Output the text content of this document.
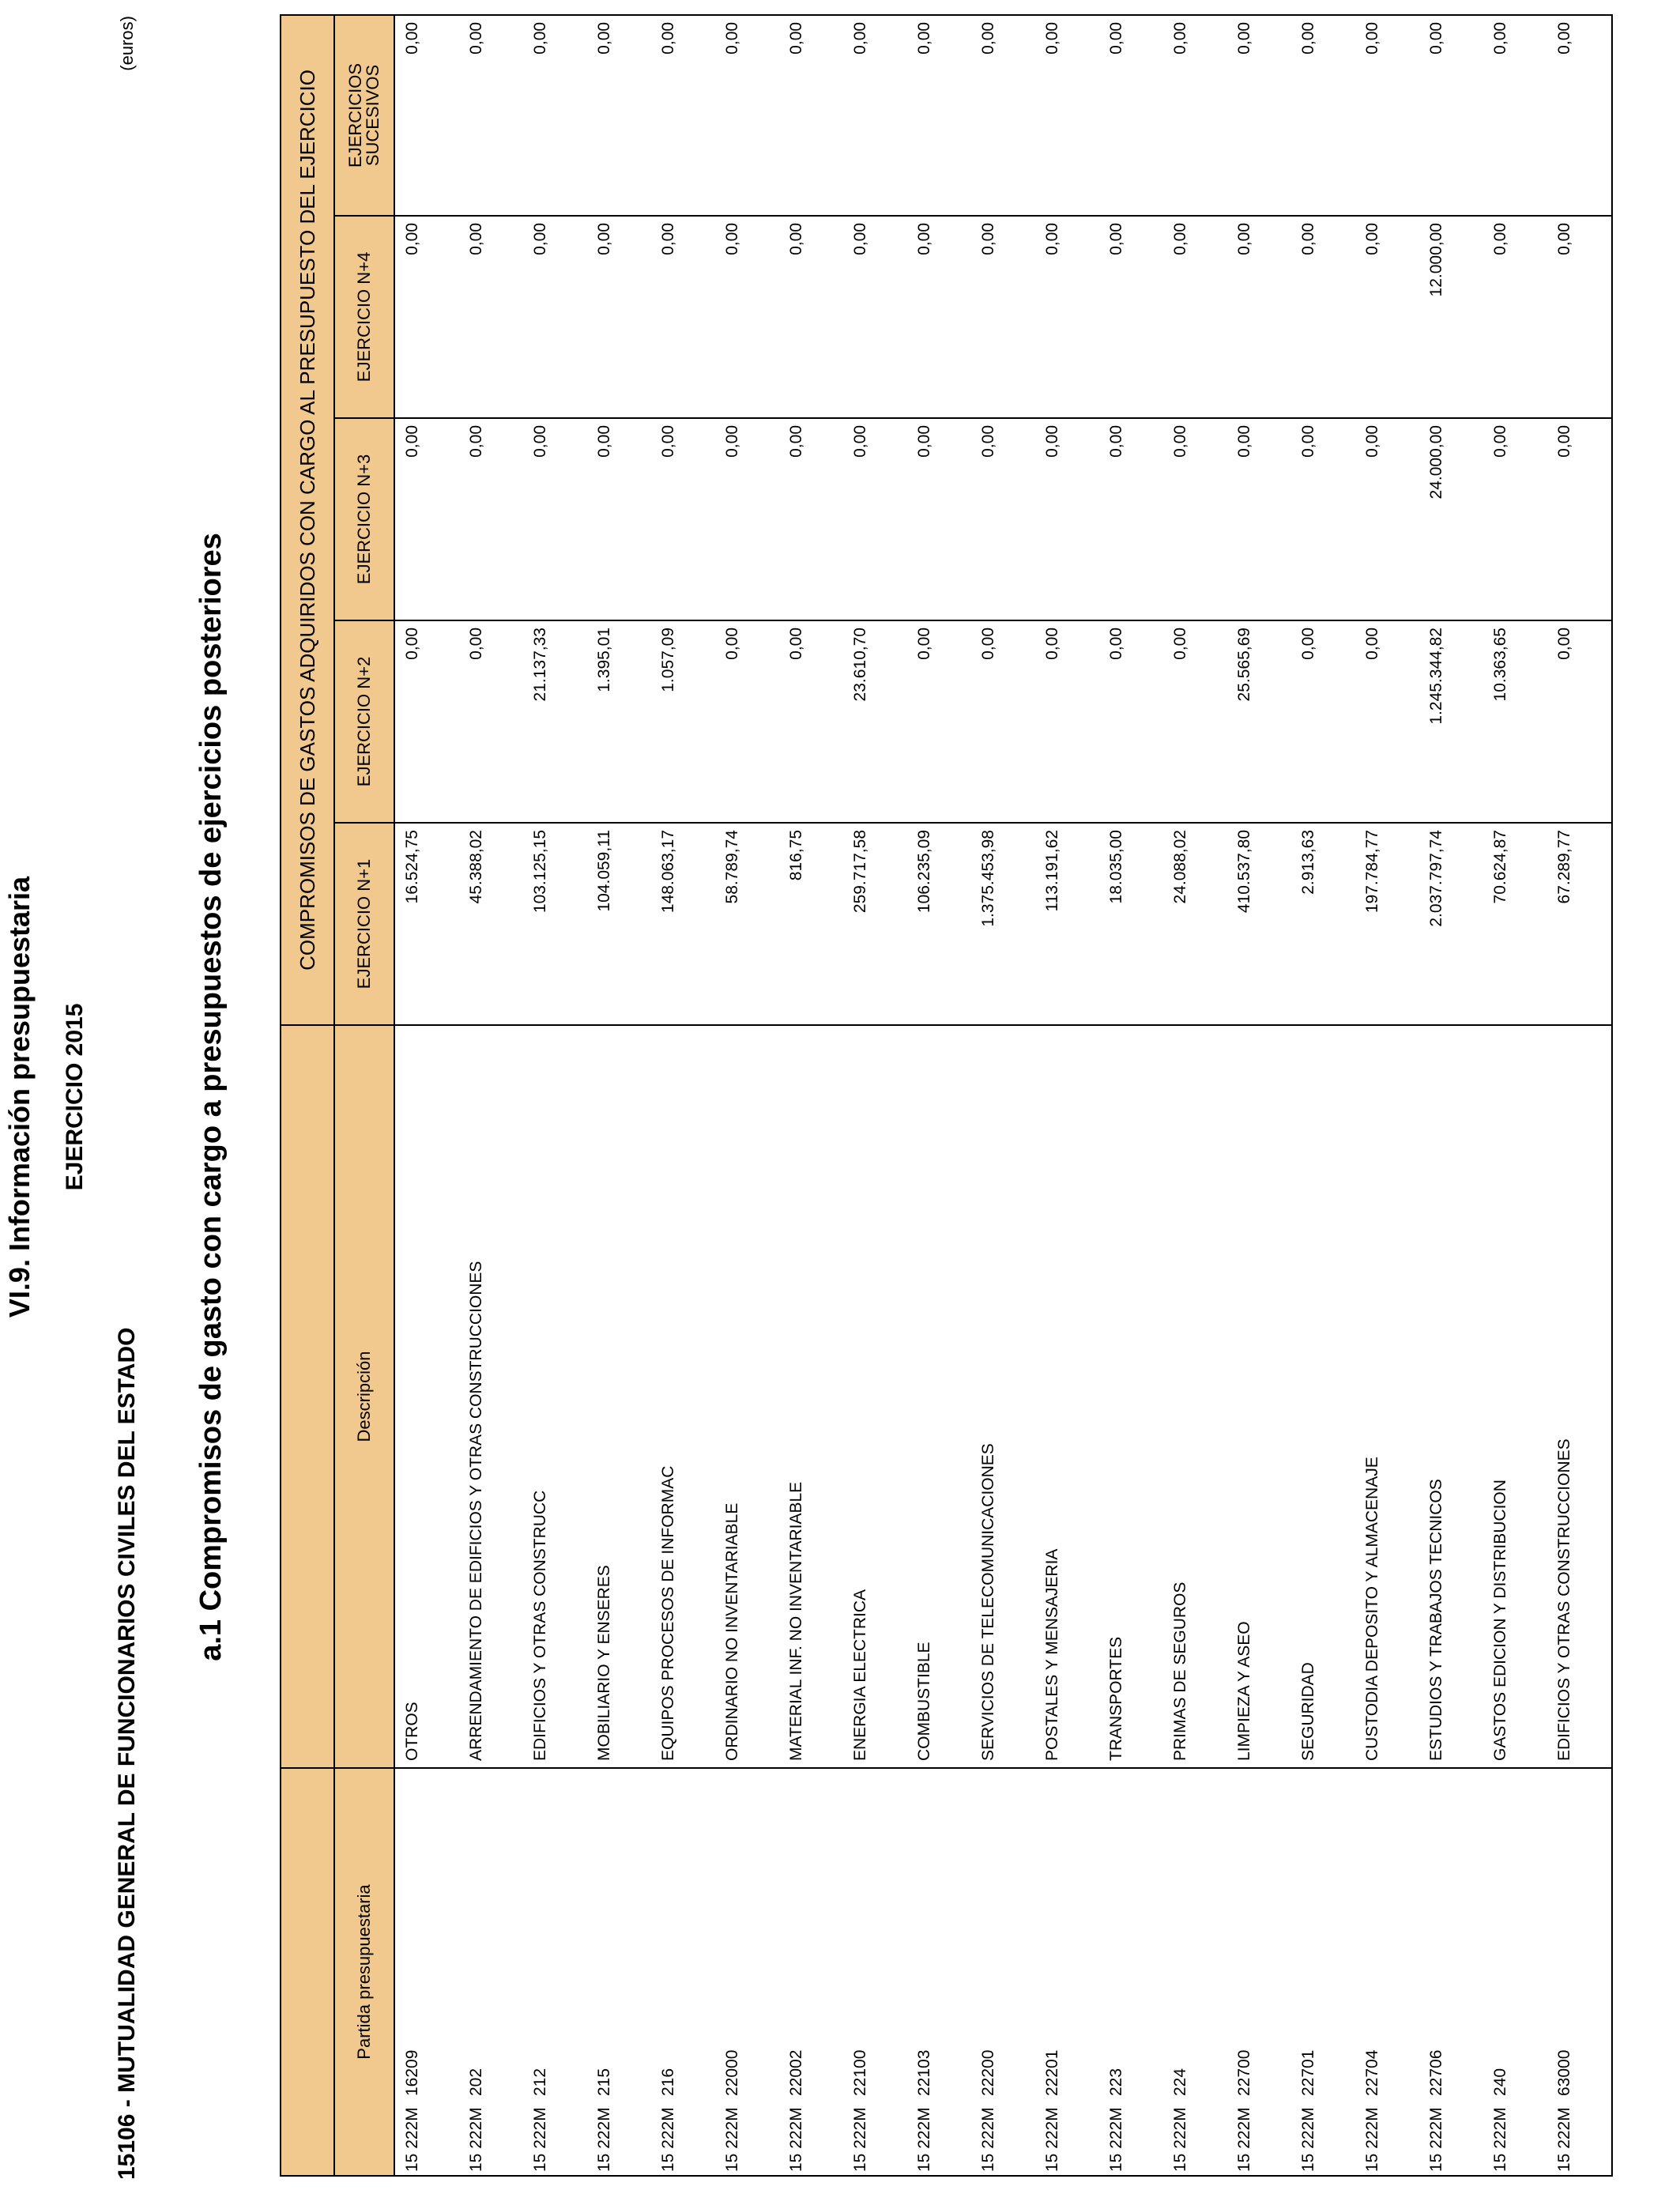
VI.9. Información presupuestaria EJERCICIO 2015
15106 - MUTUALIDAD GENERAL DE FUNCIONARIOS CIVILES DEL ESTADO
(euros)
a.1 Compromisos de gasto con cargo a presupuestos de ejercicios posteriores
		COMPROMISOS DE GASTOS ADQUIRIDOS CON CARGO AL PRESUPUESTO DEL EJERCICIO				
Partida presupuestaria	Descripción	EJERCICIO N+1	EJERCICIO N+2	EJERCICIO N+3	EJERCICIO N+4	EJERCICIOS
SUCESIVOS

15 222M16209	OTROS	16.524,75	0,00	0,00	0,00	0,00
15 222M202	ARRENDAMIENTO DE EDIFICIOS Y OTRAS CONSTRUCCIONES	45.388,02	0,00	0,00	0,00	0,00
15 222M212	EDIFICIOS Y OTRAS CONSTRUCC	103.125,15	21.137,33	0,00	0,00	0,00
15 222M215	MOBILIARIO Y ENSERES	104.059,11	1.395,01	0,00	0,00	0,00
15 222M216	EQUIPOS PROCESOS DE INFORMAC	148.063,17	1.057,09	0,00	0,00	0,00
15 222M22000	ORDINARIO NO INVENTARIABLE	58.789,74	0,00	0,00	0,00	0,00
15 222M22002	MATERIAL INF. NO INVENTARIABLE	816,75	0,00	0,00	0,00	0,00
15 222M22100	ENERGIA ELECTRICA	259.717,58	23.610,70	0,00	0,00	0,00
15 222M22103	COMBUSTIBLE	106.235,09	0,00	0,00	0,00	0,00
15 222M22200	SERVICIOS DE TELECOMUNICACIONES	1.375.453,98	0,00	0,00	0,00	0,00
15 222M22201	POSTALES Y MENSAJERIA	113.191,62	0,00	0,00	0,00	0,00
15 222M223	TRANSPORTES	18.035,00	0,00	0,00	0,00	0,00
15 222M224	PRIMAS DE SEGUROS	24.088,02	0,00	0,00	0,00	0,00
15 222M22700	LIMPIEZA Y ASEO	410.537,80	25.565,69	0,00	0,00	0,00
15 222M22701	SEGURIDAD	2.913,63	0,00	0,00	0,00	0,00
15 222M22704	CUSTODIA DEPOSITO Y ALMACENAJE	197.784,77	0,00	0,00	0,00	0,00
15 222M22706	ESTUDIOS Y TRABAJOS TECNICOS	2.037.797,74	1.245.344,82	24.000,00	12.000,00	0,00
15 222M240	GASTOS EDICION Y DISTRIBUCION	70.624,87	10.363,65	0,00	0,00	0,00
15 222M63000	EDIFICIOS Y OTRAS CONSTRUCCIONES	67.289,77	0,00	0,00	0,00	0,00
